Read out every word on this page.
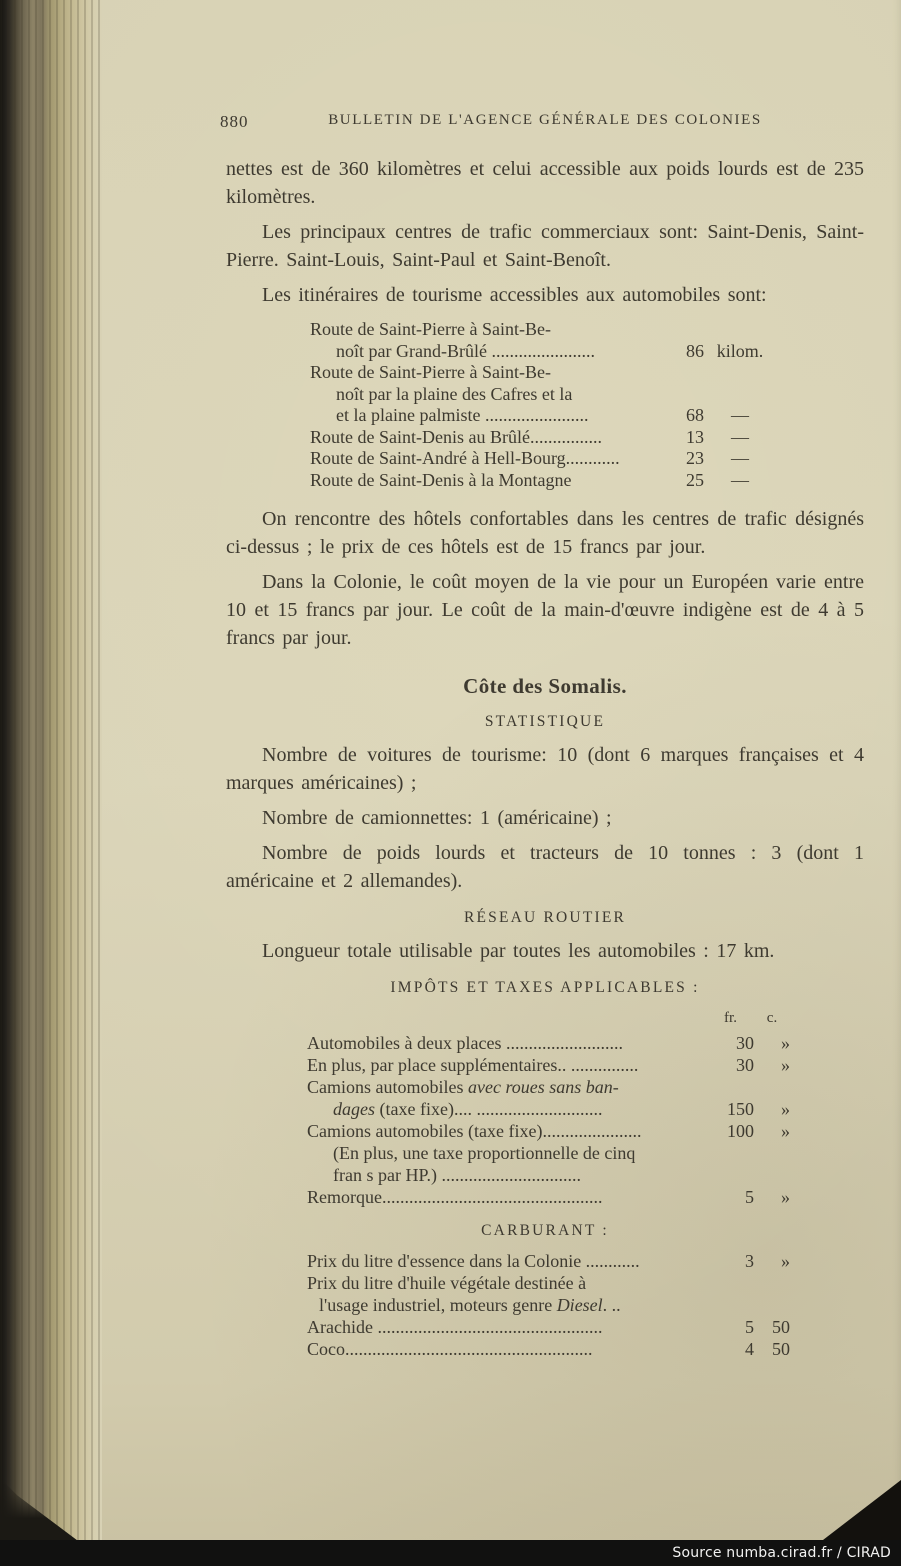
880	BULLETIN DE L'AGENCE GÉNÉRALE DES COLONIES

nettes est de 360 kilomètres et celui accessible aux poids lourds est de 235 kilomètres.

Les principaux centres de trafic commerciaux sont: Saint-Denis, Saint-Pierre. Saint-Louis, Saint-Paul et Saint-Benoît.

Les itinéraires de tourisme accessibles aux automobiles sont:

Route de Saint-Pierre à Saint-Be-
noît par Grand-Brûlé .......................	86 kilom.
Route de Saint-Pierre à Saint-Be-
noît par la plaine des Cafres et la
et la plaine palmiste .......................	68	—
Route de Saint-Denis au Brûlé................	13	—
Route de Saint-André à Hell-Bourg............	23	—
Route de Saint-Denis à la Montagne	25	—

On rencontre des hôtels confortables dans les centres de trafic désignés ci-dessus ; le prix de ces hôtels est de 15 francs par jour.

Dans la Colonie, le coût moyen de la vie pour un Européen varie entre 10 et 15 francs par jour. Le coût de la main-d'œuvre indigène est de 4 à 5 francs par jour.

Côte des Somalis.
STATISTIQUE

Nombre de voitures de tourisme: 10 (dont 6 marques françaises et 4 marques américaines) ;

Nombre de camionnettes: 1 (américaine) ;

Nombre de poids lourds et tracteurs de 10 tonnes : 3 (dont 1 américaine et 2 allemandes).

RÉSEAU ROUTIER

Longueur totale utilisable par toutes les automobiles : 17 km.

IMPÔTS ET TAXES APPLICABLES :
fr.	c.
Automobiles à deux places ..........................	30	»
En plus, par place supplémentaires.. ...............	30	»
Camions automobiles avec roues sans ban-
dages (taxe fixe).... ............................	150	»
Camions automobiles (taxe fixe)......................	100	»
(En plus, une taxe proportionnelle de cinq
fran s par HP.) ...............................
Remorque.................................................	5	»
CARBURANT :
Prix du litre d'essence dans la Colonie ............	3	»
Prix du litre d'huile végétale destinée à
l'usage industriel, moteurs genre Diesel. ..
Arachide ..................................................	5	50
Coco.......................................................	4	50
Source numba.cirad.fr / CIRAD
